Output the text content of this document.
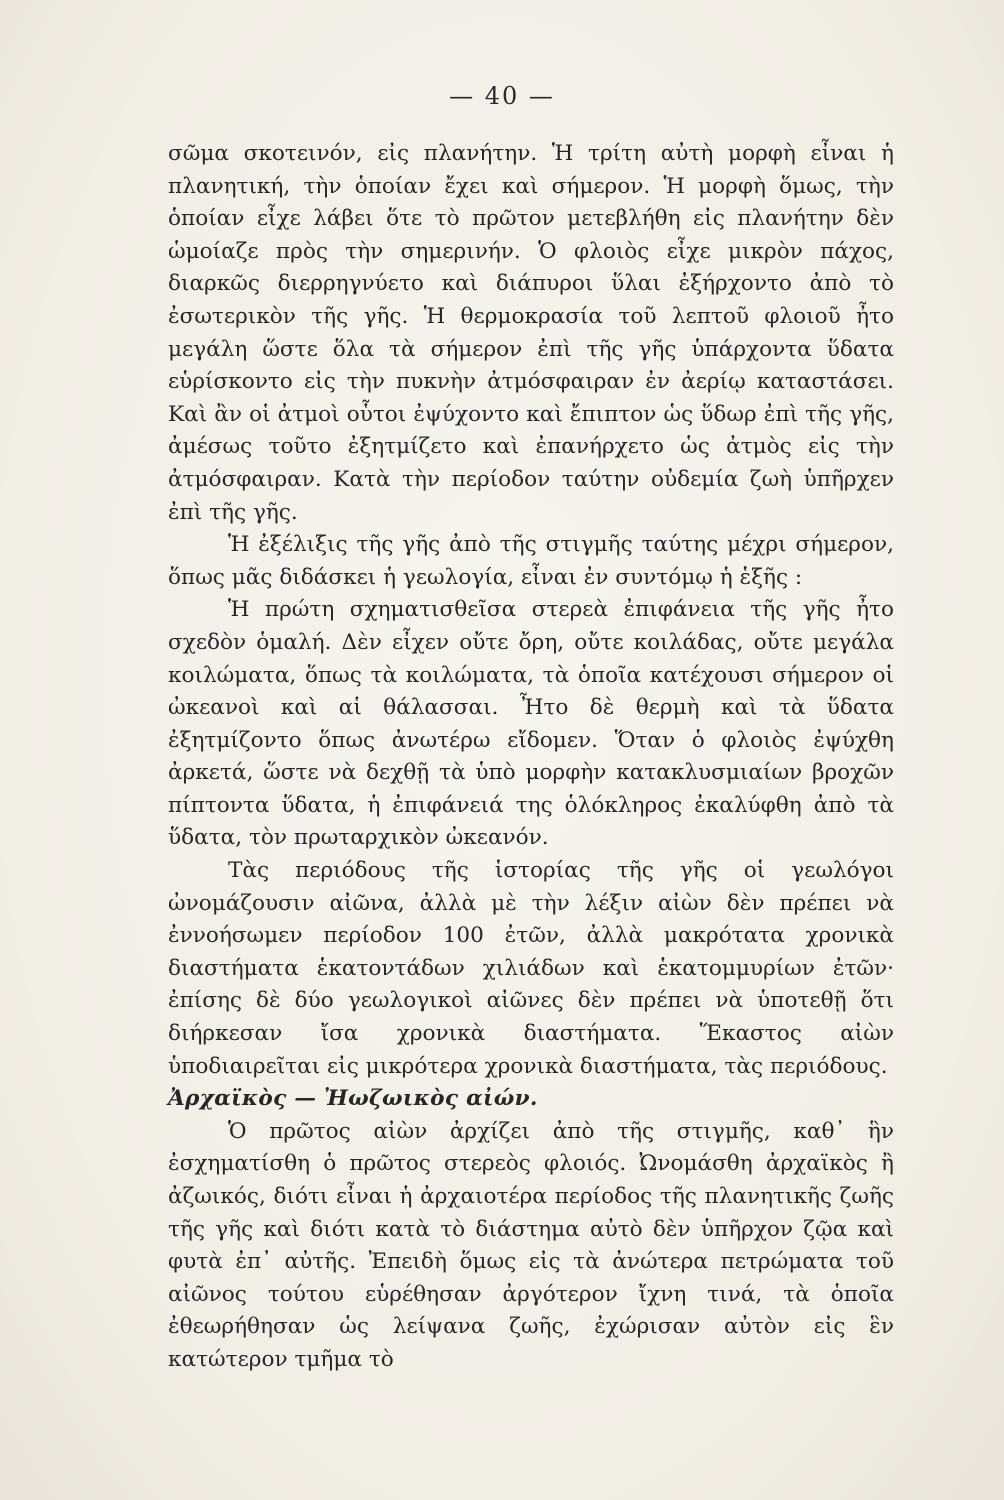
— 40 —

σῶμα σκοτεινόν, εἰς πλανήτην. Ἡ τρίτη αὐτὴ μορφὴ εἶναι ἡ πλανητική, τὴν ὁποίαν ἔχει καὶ σήμερον. Ἡ μορφὴ ὅμως, τὴν ὁποίαν εἶχε λάβει ὅτε τὸ πρῶτον μετεβλήθη εἰς πλανήτην δὲν ὡμοίαζε πρὸς τὴν σημερινήν. Ὁ φλοιὸς εἶχε μικρὸν πάχος, διαρκῶς διερρηγνύετο καὶ διάπυροι ὕλαι ἐξήρχοντο ἀπὸ τὸ ἐσωτερικὸν τῆς γῆς. Ἡ θερμοκρασία τοῦ λεπτοῦ φλοιοῦ ἦτο μεγάλη ὥστε ὅλα τὰ σήμερον ἐπὶ τῆς γῆς ὑπάρχοντα ὕδατα εὑρίσκοντο εἰς τὴν πυκνὴν ἀτμόσφαιραν ἐν ἀερίῳ καταστάσει. Καὶ ἂν οἱ ἀτμοὶ οὗτοι ἐψύχοντο καὶ ἔπιπτον ὡς ὕδωρ ἐπὶ τῆς γῆς, ἀμέσως τοῦτο ἐξητμίζετο καὶ ἐπανήρχετο ὡς ἀτμὸς εἰς τὴν ἀτμόσφαιραν. Κατὰ τὴν περίοδον ταύτην οὐδεμία ζωὴ ὑπῆρχεν ἐπὶ τῆς γῆς.

Ἡ ἐξέλιξις τῆς γῆς ἀπὸ τῆς στιγμῆς ταύτης μέχρι σήμερον, ὅπως μᾶς διδάσκει ἡ γεωλογία, εἶναι ἐν συντόμῳ ἡ ἑξῆς :

Ἡ πρώτη σχηματισθεῖσα στερεὰ ἐπιφάνεια τῆς γῆς ἦτο σχεδὸν ὁμαλή. Δὲν εἶχεν οὔτε ὄρη, οὔτε κοιλάδας, οὔτε μεγάλα κοιλώματα, ὅπως τὰ κοιλώματα, τὰ ὁποῖα κατέχουσι σήμερον οἱ ὠκεανοὶ καὶ αἱ θάλασσαι. Ἦτο δὲ θερμὴ καὶ τὰ ὕδατα ἐξητμίζοντο ὅπως ἀνωτέρω εἴδομεν. Ὅταν ὁ φλοιὸς ἐψύχθη ἀρκετά, ὥστε νὰ δεχθῇ τὰ ὑπὸ μορφὴν κατακλυσμιαίων βροχῶν πίπτοντα ὕδατα, ἡ ἐπιφάνειά της ὁλόκληρος ἐκαλύφθη ἀπὸ τὰ ὕδατα, τὸν πρωταρχικὸν ὠκεανόν.

Τὰς περιόδους τῆς ἱστορίας τῆς γῆς οἱ γεωλόγοι ὠνομάζουσιν αἰῶνα, ἀλλὰ μὲ τὴν λέξιν αἰὼν δὲν πρέπει νὰ ἐννοήσωμεν περίοδον 100 ἐτῶν, ἀλλὰ μακρότατα χρονικὰ διαστήματα ἑκατοντάδων χιλιάδων καὶ ἑκατομμυρίων ἐτῶν· ἐπίσης δὲ δύο γεωλογικοὶ αἰῶνες δὲν πρέπει νὰ ὑποτεθῇ ὅτι διήρκεσαν ἴσα χρονικὰ διαστήματα. Ἕκαστος αἰὼν ὑποδιαιρεῖται εἰς μικρότερα χρονικὰ διαστήματα, τὰς περιόδους.

Ἀρχαϊκὸς — Ἠωζωικὸς αἰών.

Ὁ πρῶτος αἰὼν ἀρχίζει ἀπὸ τῆς στιγμῆς, καθ᾽ ἣν ἐσχηματίσθη ὁ πρῶτος στερεὸς φλοιός. Ὠνομάσθη ἀρχαϊκὸς ἢ ἀζωικός, διότι εἶναι ἡ ἀρχαιοτέρα περίοδος τῆς πλανητικῆς ζωῆς τῆς γῆς καὶ διότι κατὰ τὸ διάστημα αὐτὸ δὲν ὑπῆρχον ζῷα καὶ φυτὰ ἐπ᾽ αὐτῆς. Ἐπειδὴ ὅμως εἰς τὰ ἀνώτερα πετρώματα τοῦ αἰῶνος τούτου εὑρέθησαν ἀργότερον ἴχνη τινά, τὰ ὁποῖα ἐθεωρήθησαν ὡς λείψανα ζωῆς, ἐχώρισαν αὐτὸν εἰς ἓν κατώτερον τμῆμα τὸ
